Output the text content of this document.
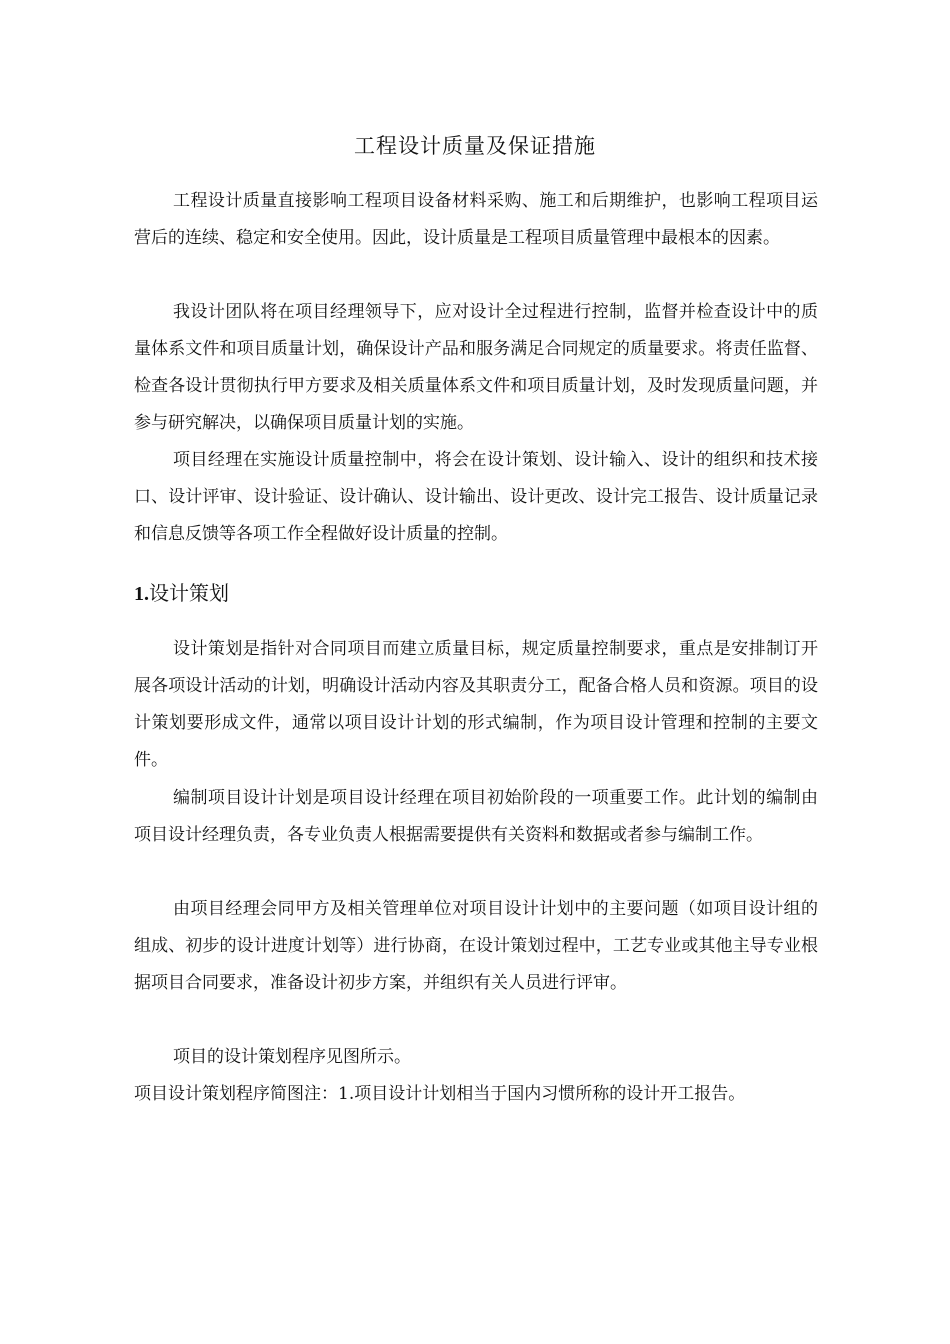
工程设计质量及保证措施

工程设计质量直接影响工程项目设备材料采购、施工和后期维护，也影响工程项目运营后的连续、稳定和安全使用。因此，设计质量是工程项目质量管理中最根本的因素。

我设计团队将在项目经理领导下，应对设计全过程进行控制，监督并检查设计中的质量体系文件和项目质量计划，确保设计产品和服务满足合同规定的质量要求。将责任监督、检查各设计贯彻执行甲方要求及相关质量体系文件和项目质量计划，及时发现质量问题，并参与研究解决，以确保项目质量计划的实施。

项目经理在实施设计质量控制中，将会在设计策划、设计输入、设计的组织和技术接口、设计评审、设计验证、设计确认、设计输出、设计更改、设计完工报告、设计质量记录和信息反馈等各项工作全程做好设计质量的控制。

1.设计策划

设计策划是指针对合同项目而建立质量目标，规定质量控制要求，重点是安排制订开展各项设计活动的计划，明确设计活动内容及其职责分工，配备合格人员和资源。项目的设计策划要形成文件，通常以项目设计计划的形式编制，作为项目设计管理和控制的主要文件。

编制项目设计计划是项目设计经理在项目初始阶段的一项重要工作。此计划的编制由项目设计经理负责，各专业负责人根据需要提供有关资料和数据或者参与编制工作。

由项目经理会同甲方及相关管理单位对项目设计计划中的主要问题（如项目设计组的组成、初步的设计进度计划等）进行协商，在设计策划过程中，工艺专业或其他主导专业根据项目合同要求，准备设计初步方案，并组织有关人员进行评审。

项目的设计策划程序见图所示。

项目设计策划程序简图注：1.项目设计计划相当于国内习惯所称的设计开工报告。
